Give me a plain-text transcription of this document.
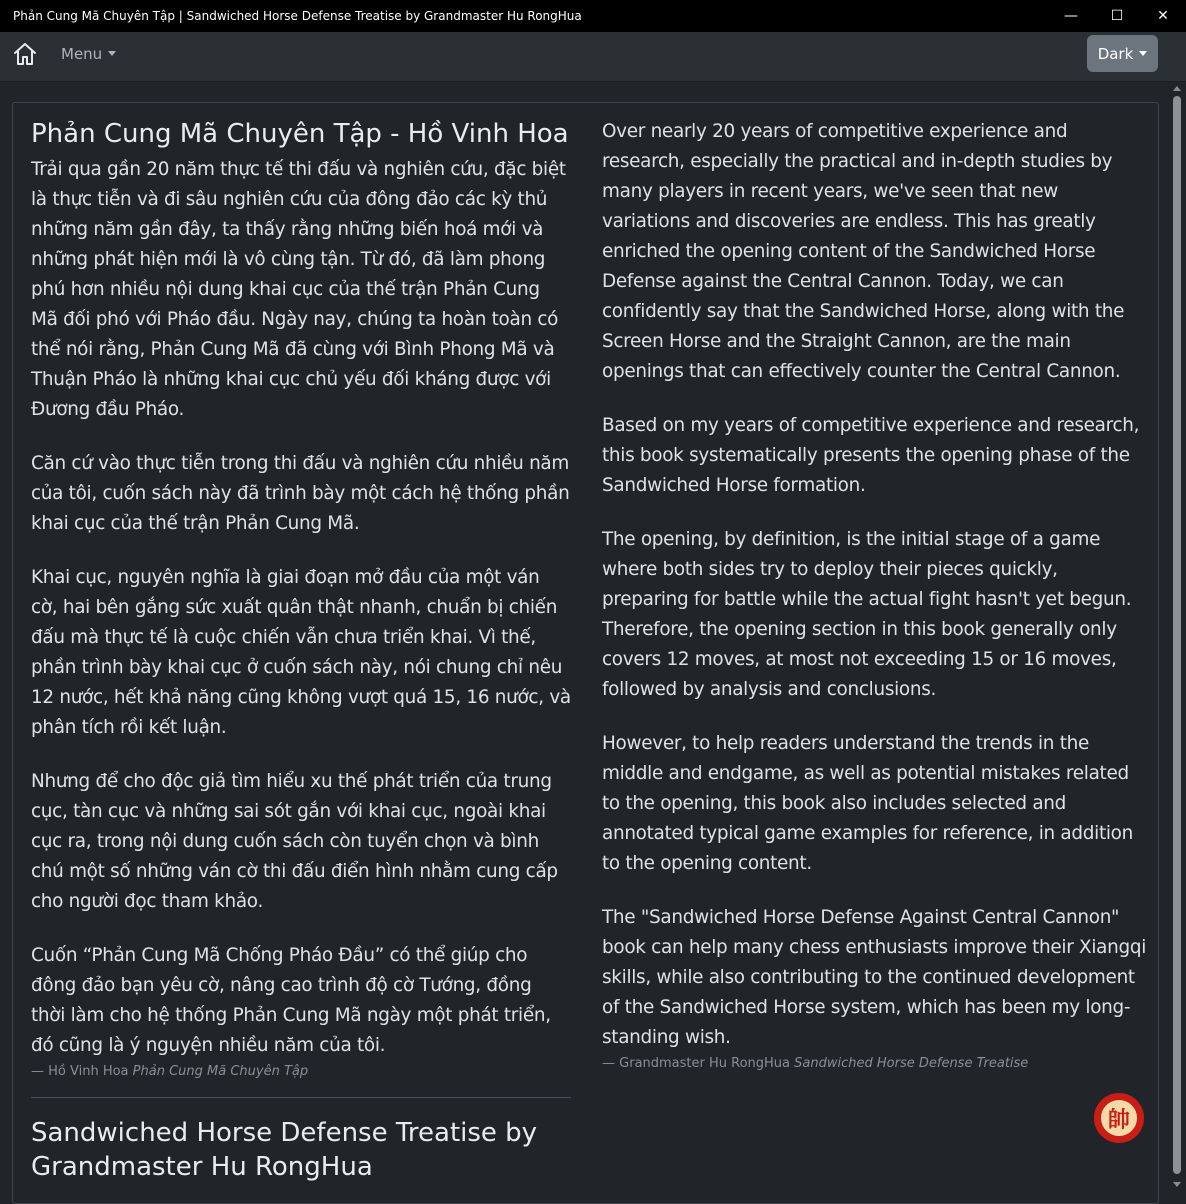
Phản Cung Mã Chuyên Tập | Sandwiched Horse Defense Treatise by Grandmaster Hu RongHua	—	☐	✕
Menu	Dark
Phản Cung Mã Chuyên Tập - Hồ Vinh Hoa

Trải qua gần 20 năm thực tế thi đấu và nghiên cứu, đặc biệt là thực tiễn và đi sâu nghiên cứu của đông đảo các kỳ thủ những năm gần đây, ta thấy rằng những biến hoá mới và những phát hiện mới là vô cùng tận. Từ đó, đã làm phong phú hơn nhiều nội dung khai cục của thế trận Phản Cung Mã đối phó với Pháo đầu. Ngày nay, chúng ta hoàn toàn có thể nói rằng, Phản Cung Mã đã cùng với Bình Phong Mã và Thuận Pháo là những khai cục chủ yếu đối kháng được với Đương đầu Pháo.

Căn cứ vào thực tiễn trong thi đấu và nghiên cứu nhiều năm của tôi, cuốn sách này đã trình bày một cách hệ thống phần khai cục của thế trận Phản Cung Mã.

Khai cục, nguyên nghĩa là giai đoạn mở đầu của một ván cờ, hai bên gắng sức xuất quân thật nhanh, chuẩn bị chiến đấu mà thực tế là cuộc chiến vẫn chưa triển khai. Vì thế, phần trình bày khai cục ở cuốn sách này, nói chung chỉ nêu 12 nước, hết khả năng cũng không vượt quá 15, 16 nước, và phân tích rồi kết luận.

Nhưng để cho độc giả tìm hiểu xu thế phát triển của trung cục, tàn cục và những sai sót gắn với khai cục, ngoài khai cục ra, trong nội dung cuốn sách còn tuyển chọn và bình chú một số những ván cờ thi đấu điển hình nhằm cung cấp cho người đọc tham khảo.

Cuốn “Phản Cung Mã Chống Pháo Đầu” có thể giúp cho đông đảo bạn yêu cờ, nâng cao trình độ cờ Tướng, đồng thời làm cho hệ thống Phản Cung Mã ngày một phát triển, đó cũng là ý nguyện nhiều năm của tôi.

— Hồ Vinh Hoa Phản Cung Mã Chuyên Tập
Sandwiched Horse Defense Treatise by Grandmaster Hu RongHua

Over nearly 20 years of competitive experience and research, especially the practical and in-depth studies by many players in recent years, we've seen that new variations and discoveries are endless. This has greatly enriched the opening content of the Sandwiched Horse Defense against the Central Cannon. Today, we can confidently say that the Sandwiched Horse, along with the Screen Horse and the Straight Cannon, are the main openings that can effectively counter the Central Cannon.

Based on my years of competitive experience and research, this book systematically presents the opening phase of the Sandwiched Horse formation.

The opening, by definition, is the initial stage of a game where both sides try to deploy their pieces quickly, preparing for battle while the actual fight hasn't yet begun. Therefore, the opening section in this book generally only covers 12 moves, at most not exceeding 15 or 16 moves, followed by analysis and conclusions.

However, to help readers understand the trends in the middle and endgame, as well as potential mistakes related to the opening, this book also includes selected and annotated typical game examples for reference, in addition to the opening content.

The "Sandwiched Horse Defense Against Central Cannon" book can help many chess enthusiasts improve their Xiangqi skills, while also contributing to the continued development of the Sandwiched Horse system, which has been my long-standing wish.

— Grandmaster Hu RongHua Sandwiched Horse Defense Treatise
帥
